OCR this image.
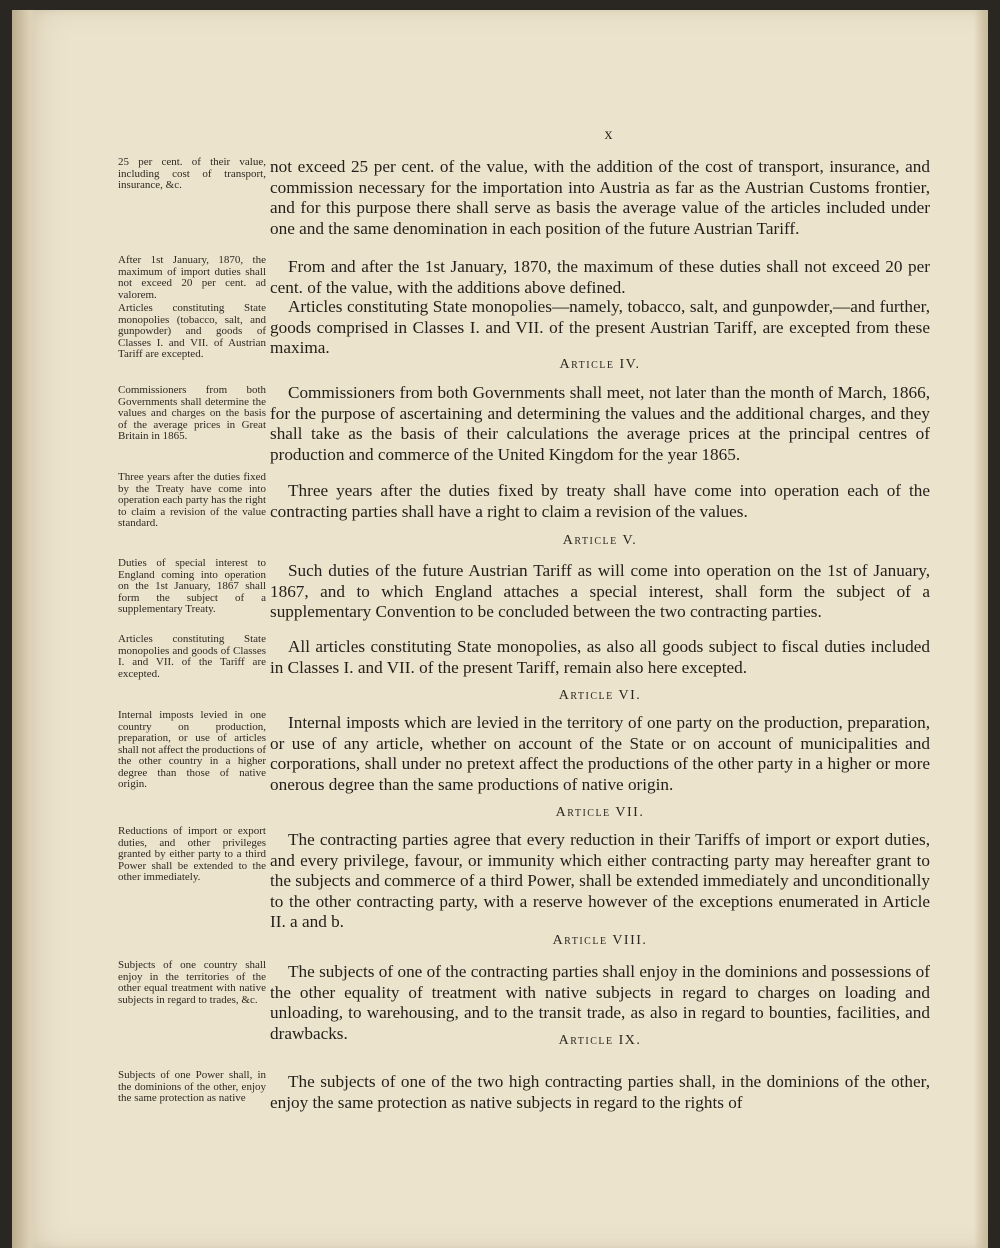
x
25 per cent. of their value, including cost of transport, insurance, &c.
After 1st January, 1870, the maximum of import duties shall not exceed 20 per cent. ad valorem.
Articles constituting State monopolies (tobacco, salt, and gunpowder) and goods of Classes I. and VII. of Austrian Tariff are excepted.
Commissioners from both Governments shall determine the values and charges on the basis of the average prices in Great Britain in 1865.
Three years after the duties fixed by the Treaty have come into operation each party has the right to claim a revision of the value standard.
Duties of special interest to England coming into operation on the 1st January, 1867 shall form the subject of a supplementary Treaty.
Articles constituting State monopolies and goods of Classes I. and VII. of the Tariff are excepted.
Internal imposts levied in one country on production, preparation, or use of articles shall not affect the productions of the other country in a higher degree than those of native origin.
Reductions of import or export duties, and other privileges granted by either party to a third Power shall be extended to the other immediately.
Subjects of one country shall enjoy in the territories of the other equal treatment with native subjects in regard to trades, &c.
Subjects of one Power shall, in the dominions of the other, enjoy the same protection as native
not exceed 25 per cent. of the value, with the addition of the cost of transport, insurance, and commission necessary for the importation into Austria as far as the Austrian Customs frontier, and for this purpose there shall serve as basis the average value of the articles included under one and the same denomination in each position of the future Austrian Tariff.
From and after the 1st January, 1870, the maximum of these duties shall not exceed 20 per cent. of the value, with the additions above defined.
Articles constituting State monopolies—namely, tobacco, salt, and gunpowder,—and further, goods comprised in Classes I. and VII. of the present Austrian Tariff, are excepted from these maxima.
Article IV.
Commissioners from both Governments shall meet, not later than the month of March, 1866, for the purpose of ascertaining and determining the values and the additional charges, and they shall take as the basis of their calculations the average prices at the principal centres of production and commerce of the United Kingdom for the year 1865.
Three years after the duties fixed by treaty shall have come into operation each of the contracting parties shall have a right to claim a revision of the values.
Article V.
Such duties of the future Austrian Tariff as will come into operation on the 1st of January, 1867, and to which England attaches a special interest, shall form the subject of a supplementary Convention to be concluded between the two contracting parties.
All articles constituting State monopolies, as also all goods subject to fiscal duties included in Classes I. and VII. of the present Tariff, remain also here excepted.
Article VI.
Internal imposts which are levied in the territory of one party on the production, preparation, or use of any article, whether on account of the State or on account of municipalities and corporations, shall under no pretext affect the productions of the other party in a higher or more onerous degree than the same productions of native origin.
Article VII.
The contracting parties agree that every reduction in their Tariffs of import or export duties, and every privilege, favour, or immunity which either contracting party may hereafter grant to the subjects and commerce of a third Power, shall be extended immediately and unconditionally to the other contracting party, with a reserve however of the exceptions enumerated in Article II. a and b.
Article VIII.
The subjects of one of the contracting parties shall enjoy in the dominions and possessions of the other equality of treatment with native subjects in regard to charges on loading and unloading, to warehousing, and to the transit trade, as also in regard to bounties, facilities, and drawbacks.	Article IX.
The subjects of one of the two high contracting parties shall, in the dominions of the other, enjoy the same protection as native subjects in regard to the rights of
